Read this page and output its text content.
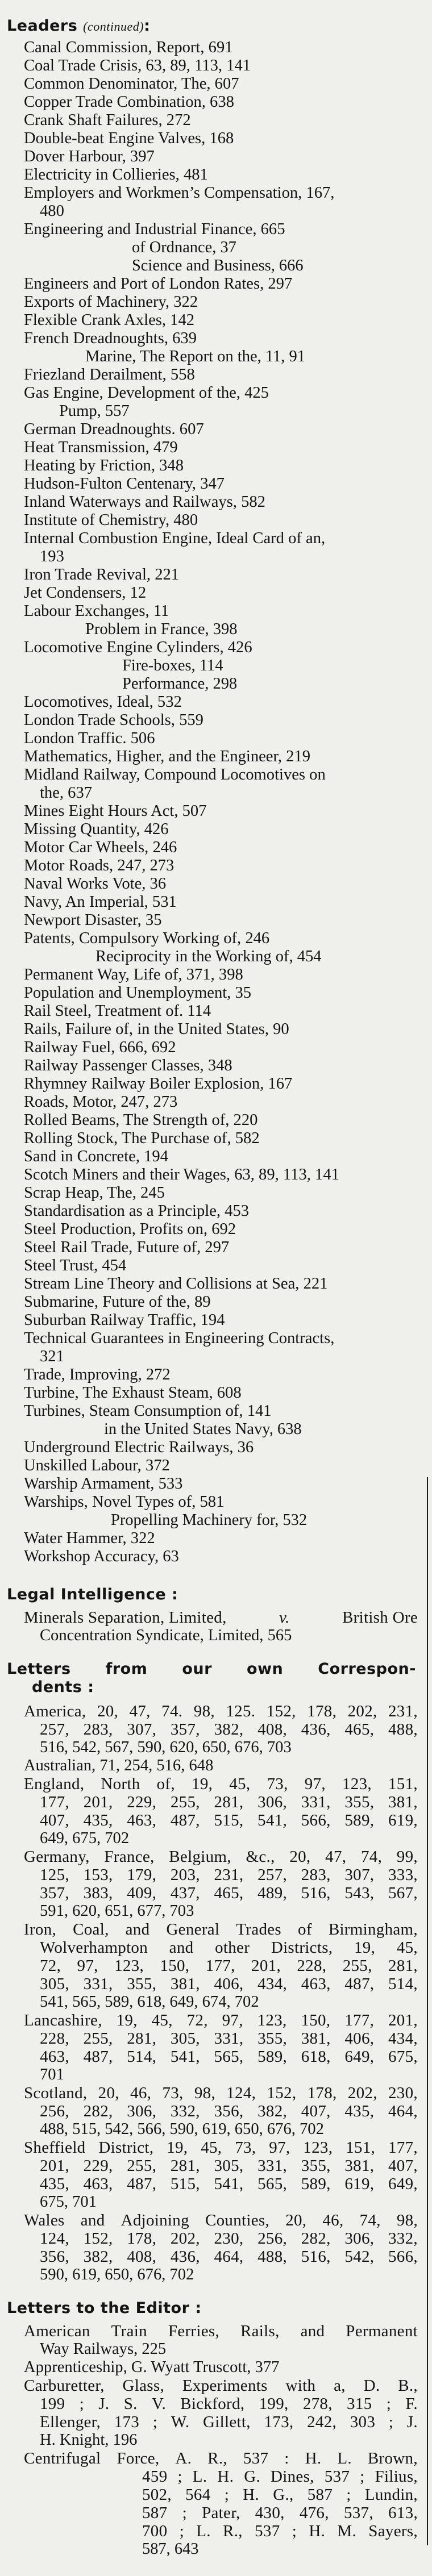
Leaders (continued):
Canal Commission, Report, 691
Coal Trade Crisis, 63, 89, 113, 141
Common Denominator, The, 607
Copper Trade Combination, 638
Crank Shaft Failures, 272
Double-beat Engine Valves, 168
Dover Harbour, 397
Electricity in Collieries, 481
Employers and Workmen’s Compensation, 167,
480
Engineering and Industrial Finance, 665
of Ordnance, 37
Science and Business, 666
Engineers and Port of London Rates, 297
Exports of Machinery, 322
Flexible Crank Axles, 142
French Dreadnoughts, 639
Marine, The Report on the, 11, 91
Friezland Derailment, 558
Gas Engine, Development of the, 425
Pump, 557
German Dreadnoughts. 607
Heat Transmission, 479
Heating by Friction, 348
Hudson-Fulton Centenary, 347
Inland Waterways and Railways, 582
Institute of Chemistry, 480
Internal Combustion Engine, Ideal Card of an,
193
Iron Trade Revival, 221
Jet Condensers, 12
Labour Exchanges, 11
Problem in France, 398
Locomotive Engine Cylinders, 426
Fire-boxes, 114
Performance, 298
Locomotives, Ideal, 532
London Trade Schools, 559
London Traffic. 506
Mathematics, Higher, and the Engineer, 219
Midland Railway, Compound Locomotives on
the, 637
Mines Eight Hours Act, 507
Missing Quantity, 426
Motor Car Wheels, 246
Motor Roads, 247, 273
Naval Works Vote, 36
Navy, An Imperial, 531
Newport Disaster, 35
Patents, Compulsory Working of, 246
Reciprocity in the Working of, 454
Permanent Way, Life of, 371, 398
Population and Unemployment, 35
Rail Steel, Treatment of. 114
Rails, Failure of, in the United States, 90
Railway Fuel, 666, 692
Railway Passenger Classes, 348
Rhymney Railway Boiler Explosion, 167
Roads, Motor, 247, 273
Rolled Beams, The Strength of, 220
Rolling Stock, The Purchase of, 582
Sand in Concrete, 194
Scotch Miners and their Wages, 63, 89, 113, 141
Scrap Heap, The, 245
Standardisation as a Principle, 453
Steel Production, Profits on, 692
Steel Rail Trade, Future of, 297
Steel Trust, 454
Stream Line Theory and Collisions at Sea, 221
Submarine, Future of the, 89
Suburban Railway Traffic, 194
Technical Guarantees in Engineering Contracts,
321
Trade, Improving, 272
Turbine, The Exhaust Steam, 608
Turbines, Steam Consumption of, 141
in the United States Navy, 638
Underground Electric Railways, 36
Unskilled Labour, 372
Warship Armament, 533
Warships, Novel Types of, 581
Propelling Machinery for, 532
Water Hammer, 322
Workshop Accuracy, 63
Legal Intelligence :
Minerals Separation, Limited,	v.	British Ore
Concentration Syndicate, Limited, 565
Letters from our own Correspon-
dents :
America, 20, 47, 74. 98, 125. 152, 178, 202, 231,
257, 283, 307, 357, 382, 408, 436, 465, 488,
516, 542, 567, 590, 620, 650, 676, 703
Australian, 71, 254, 516, 648
England, North of, 19, 45, 73, 97, 123, 151,
177, 201, 229, 255, 281, 306, 331, 355, 381,
407, 435, 463, 487, 515, 541, 566, 589, 619,
649, 675, 702
Germany, France, Belgium, &c., 20, 47, 74, 99,
125, 153, 179, 203, 231, 257, 283, 307, 333,
357, 383, 409, 437, 465, 489, 516, 543, 567,
591, 620, 651, 677, 703
Iron, Coal, and General Trades of Birmingham,
Wolverhampton and other Districts, 19, 45,
72, 97, 123, 150, 177, 201, 228, 255, 281,
305, 331, 355, 381, 406, 434, 463, 487, 514,
541, 565, 589, 618, 649, 674, 702
Lancashire, 19, 45, 72, 97, 123, 150, 177, 201,
228, 255, 281, 305, 331, 355, 381, 406, 434,
463, 487, 514, 541, 565, 589, 618, 649, 675,
701
Scotland, 20, 46, 73, 98, 124, 152, 178, 202, 230,
256, 282, 306, 332, 356, 382, 407, 435, 464,
488, 515, 542, 566, 590, 619, 650, 676, 702
Sheffield District, 19, 45, 73, 97, 123, 151, 177,
201, 229, 255, 281, 305, 331, 355, 381, 407,
435, 463, 487, 515, 541, 565, 589, 619, 649,
675, 701
Wales and Adjoining Counties, 20, 46, 74, 98,
124, 152, 178, 202, 230, 256, 282, 306, 332,
356, 382, 408, 436, 464, 488, 516, 542, 566,
590, 619, 650, 676, 702
Letters to the Editor :
American Train Ferries, Rails, and Permanent
Way Railways, 225
Apprenticeship, G. Wyatt Truscott, 377
Carburetter, Glass, Experiments with a, D. B.,
199 ; J. S. V. Bickford, 199, 278, 315 ; F.
Ellenger, 173 ; W. Gillett, 173, 242, 303 ; J.
H. Knight, 196
Centrifugal Force, A. R., 537 : H. L. Brown,
459 ; L. H. G. Dines, 537 ; Filius,
502, 564 ; H. G., 587 ; Lundin,
587 ; Pater, 430, 476, 537, 613,
700 ; L. R., 537 ; H. M. Sayers,
587, 643
